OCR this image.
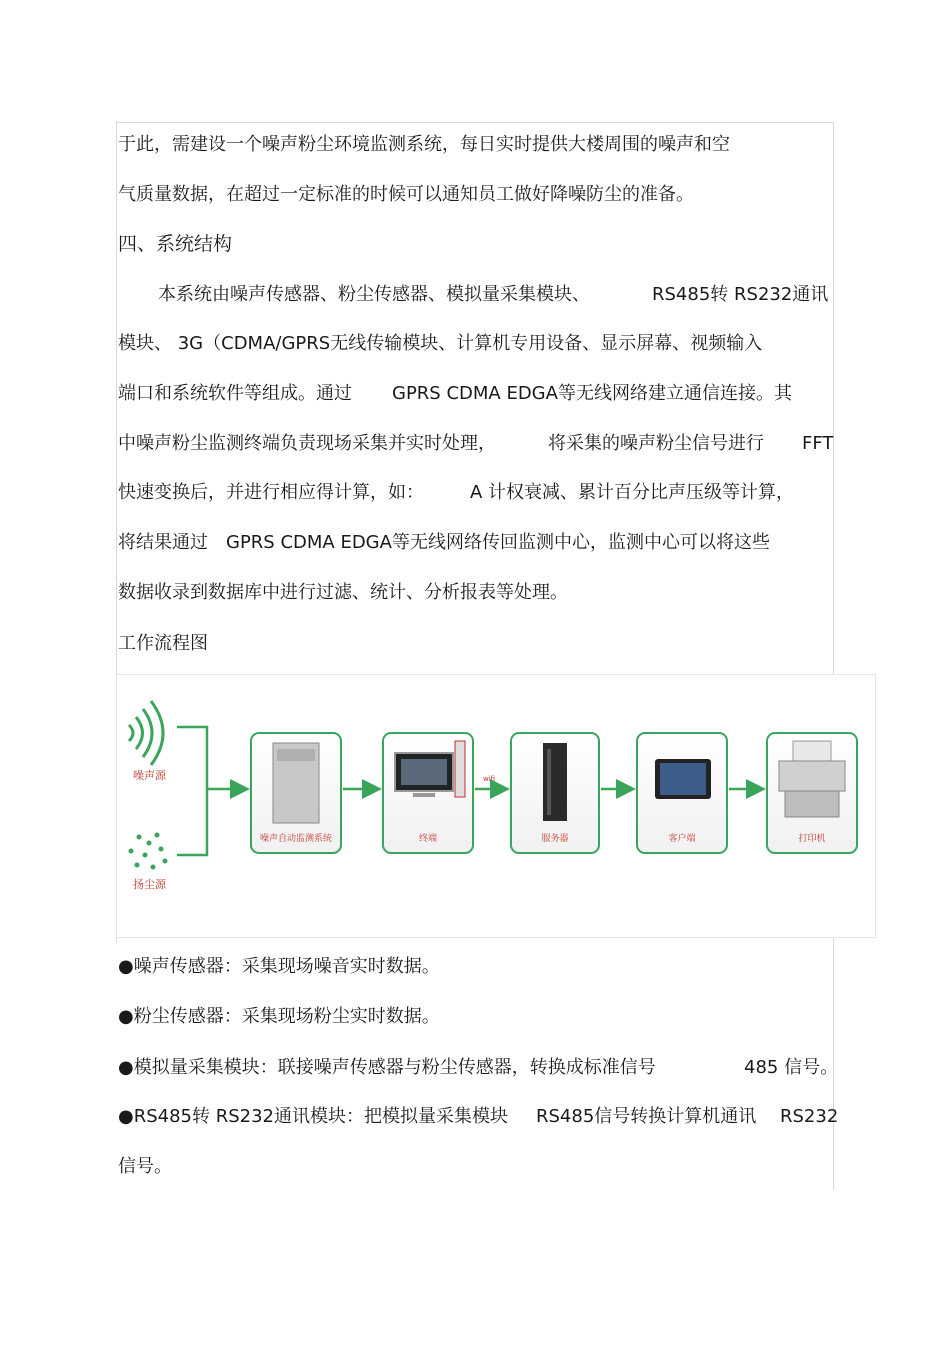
于此，需建设一个噪声粉尘环境监测系统，每日实时提供大楼周围的噪声和空
气质量数据，在超过一定标准的时候可以通知员工做好降噪防尘的准备。
四、系统结构
本系统由噪声传感器、粉尘传感器、模拟量采集模块、	RS485转 RS232通讯
模块、 3G（CDMA/GPRS无线传输模块、计算机专用设备、显示屏幕、视频输入
端口和系统软件等组成。通过 GPRS CDMA EDGA等无线网络建立通信连接。其
中噪声粉尘监测终端负责现场采集并实时处理，	将采集的噪声粉尘信号进行 FFT
快速变换后，并进行相应得计算，如：	A 计权衰减、累计百分比声压级等计算，
将结果通过 GPRS CDMA EDGA等无线网络传回监测中心，监测中心可以将这些
数据收录到数据库中进行过滤、统计、分析报表等处理。
工作流程图
噪声源
扬尘源
wifi
噪声自动监测系统	终端	服务器	客户端	打印机
●噪声传感器：采集现场噪音实时数据。
●粉尘传感器：采集现场粉尘实时数据。
●模拟量采集模块：联接噪声传感器与粉尘传感器，转换成标准信号	485 信号。
●RS485转 RS232通讯模块：把模拟量采集模块 RS485信号转换计算机通讯 RS232
信号。
